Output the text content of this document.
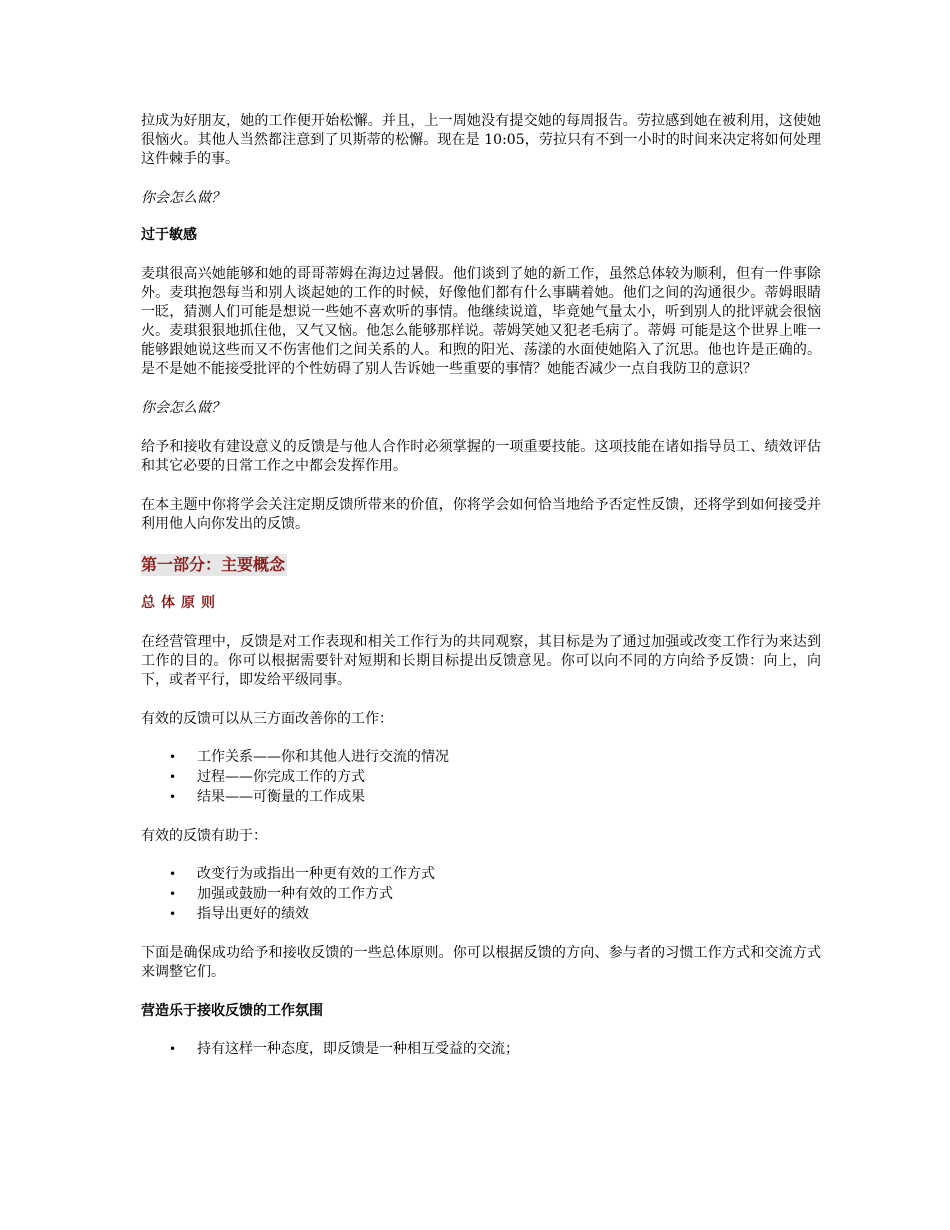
拉成为好朋友，她的工作便开始松懈。并且，上一周她没有提交她的每周报告。劳拉感到她在被利用，这使她很恼火。其他人当然都注意到了贝斯蒂的松懈。现在是 10:05，劳拉只有不到一小时的时间来决定将如何处理这件棘手的事。

你会怎么做？

过于敏感

麦琪很高兴她能够和她的哥哥蒂姆在海边过暑假。他们谈到了她的新工作，虽然总体较为顺利，但有一件事除外。麦琪抱怨每当和别人谈起她的工作的时候，好像他们都有什么事瞒着她。他们之间的沟通很少。蒂姆眼睛一眨，猜测人们可能是想说一些她不喜欢听的事情。他继续说道，毕竟她气量太小，听到别人的批评就会很恼火。麦琪狠狠地抓住他，又气又恼。他怎么能够那样说。蒂姆笑她又犯老毛病了。蒂姆 可能是这个世界上唯一能够跟她说这些而又不伤害他们之间关系的人。和煦的阳光、荡漾的水面使她陷入了沉思。他也许是正确的。是不是她不能接受批评的个性妨碍了别人告诉她一些重要的事情？她能否减少一点自我防卫的意识？

你会怎么做？

给予和接收有建设意义的反馈是与他人合作时必须掌握的一项重要技能。这项技能在诸如指导员工、绩效评估和其它必要的日常工作之中都会发挥作用。

在本主题中你将学会关注定期反馈所带来的价值，你将学会如何恰当地给予否定性反馈，还将学到如何接受并利用他人向你发出的反馈。

第一部分：主要概念

总体原则

在经营管理中，反馈是对工作表现和相关工作行为的共同观察，其目标是为了通过加强或改变工作行为来达到工作的目的。你可以根据需要针对短期和长期目标提出反馈意见。你可以向不同的方向给予反馈：向上，向下，或者平行，即发给平级同事。

有效的反馈可以从三方面改善你的工作：

• 工作关系——你和其他人进行交流的情况
• 过程——你完成工作的方式
• 结果——可衡量的工作成果

有效的反馈有助于：

• 改变行为或指出一种更有效的工作方式
• 加强或鼓励一种有效的工作方式
• 指导出更好的绩效

下面是确保成功给予和接收反馈的一些总体原则。你可以根据反馈的方向、参与者的习惯工作方式和交流方式来调整它们。

营造乐于接收反馈的工作氛围

• 持有这样一种态度，即反馈是一种相互受益的交流；
